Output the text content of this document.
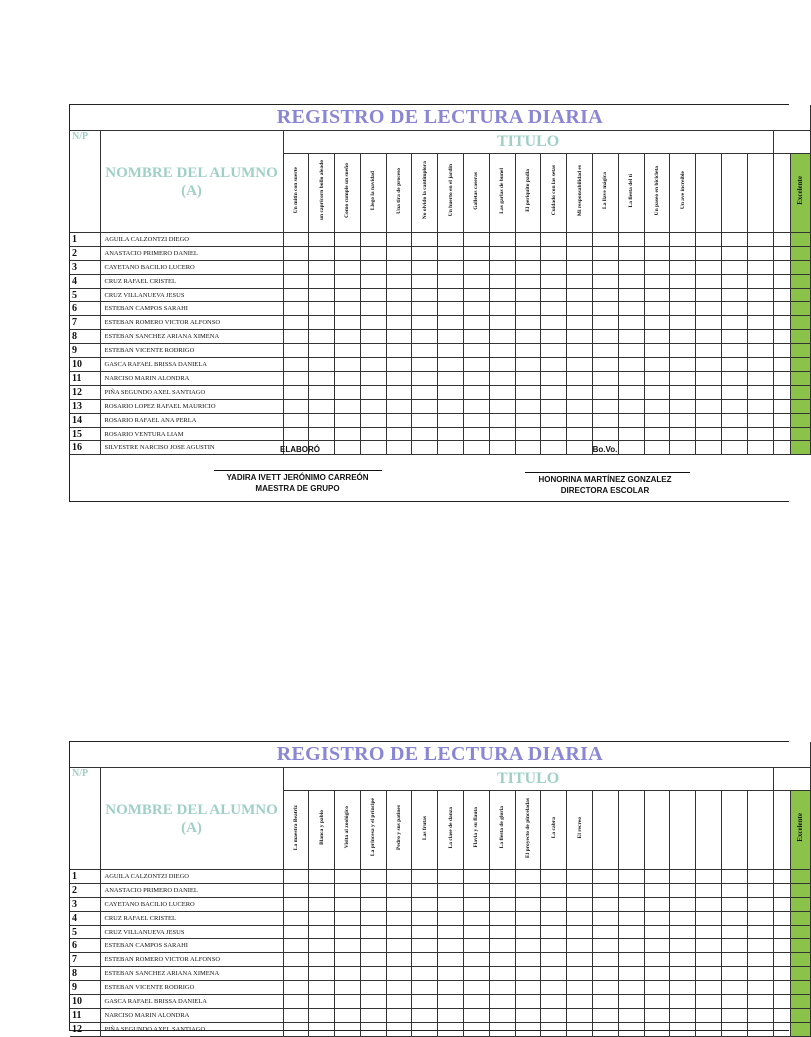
REGISTRO DE LECTURA DIARIA																						
N/P	NOMBRE DEL ALUMNO (A)	TITULO																				
		Un mitin con suerte	un capricorn bollo aleado	Como cumple un sueño	Llego la navidad	Una tira de proceso	No olvido la cantimplora	Un huerto en el jardin	Galletas caseras	Las garlas de bunel	El periquito padia	Cuidado con las setas	Mi responsabilidad es	La llave mágica	La fiesta del tí	Un paseo en bicicleta	Un ave increible					Excelente
1	AGUILA CALZONTZI DIEGO																					
2	ANASTACIO PRIMERO DANIEL																					
3	CAYETANO BACILIO LUCERO																					
4	CRUZ RAFAEL CRISTEL																					
5	CRUZ VILLANUEVA JESUS																					
6	ESTEBAN CAMPOS SARAHI																					
7	ESTEBAN ROMERO VICTOR ALFONSO																					
8	ESTEBAN SANCHEZ ARIANA XIMENA																					
9	ESTEBAN VICENTE RODRIGO																					
10	GASCA RAFAEL BRISSA DANIELA																					
11	NARCISO MARIN ALONDRA																					
12	PIÑA SEGUNDO AXEL SANTIAGO																					
13	ROSARIO LOPEZ RAFAEL MAURICIO																					
14	ROSARIO RAFAEL ANA PERLA																					
15	ROSARIO VENTURA LIAM																					
16	SILVESTRE NARCISO JOSE AGUSTIN																						ELABORÓ	Bo.Vo.
YADIRA IVETT JERÓNIMO CARREÓN
MAESTRA DE GRUPO
HONORINA MARTÍNEZ GONZALEZ
DIRECTORA ESCOLAR
REGISTRO DE LECTURA DIARIA																						
N/P	NOMBRE DEL ALUMNO (A)	TITULO																				
		La maestra Beatriz	Blanca y pablo	Visita al zoológico	La princesa y el príncipe	Pedro y sus patines	Las frutas	La clase de danza	Flavia y su flauta	La fiesta de gloria	El proyecto de pinceladas	La cabra	El recreo									Excelente
1	AGUILA CALZONTZI DIEGO																					
2	ANASTACIO PRIMERO DANIEL																					
3	CAYETANO BACILIO LUCERO																					
4	CRUZ RAFAEL CRISTEL																					
5	CRUZ VILLANUEVA JESUS																					
6	ESTEBAN CAMPOS SARAHI																					
7	ESTEBAN ROMERO VICTOR ALFONSO																					
8	ESTEBAN SANCHEZ ARIANA XIMENA																					
9	ESTEBAN VICENTE RODRIGO																					
10	GASCA RAFAEL BRISSA DANIELA																					
11	NARCISO MARIN ALONDRA																					
12	PIÑA SEGUNDO AXEL SANTIAGO																					
